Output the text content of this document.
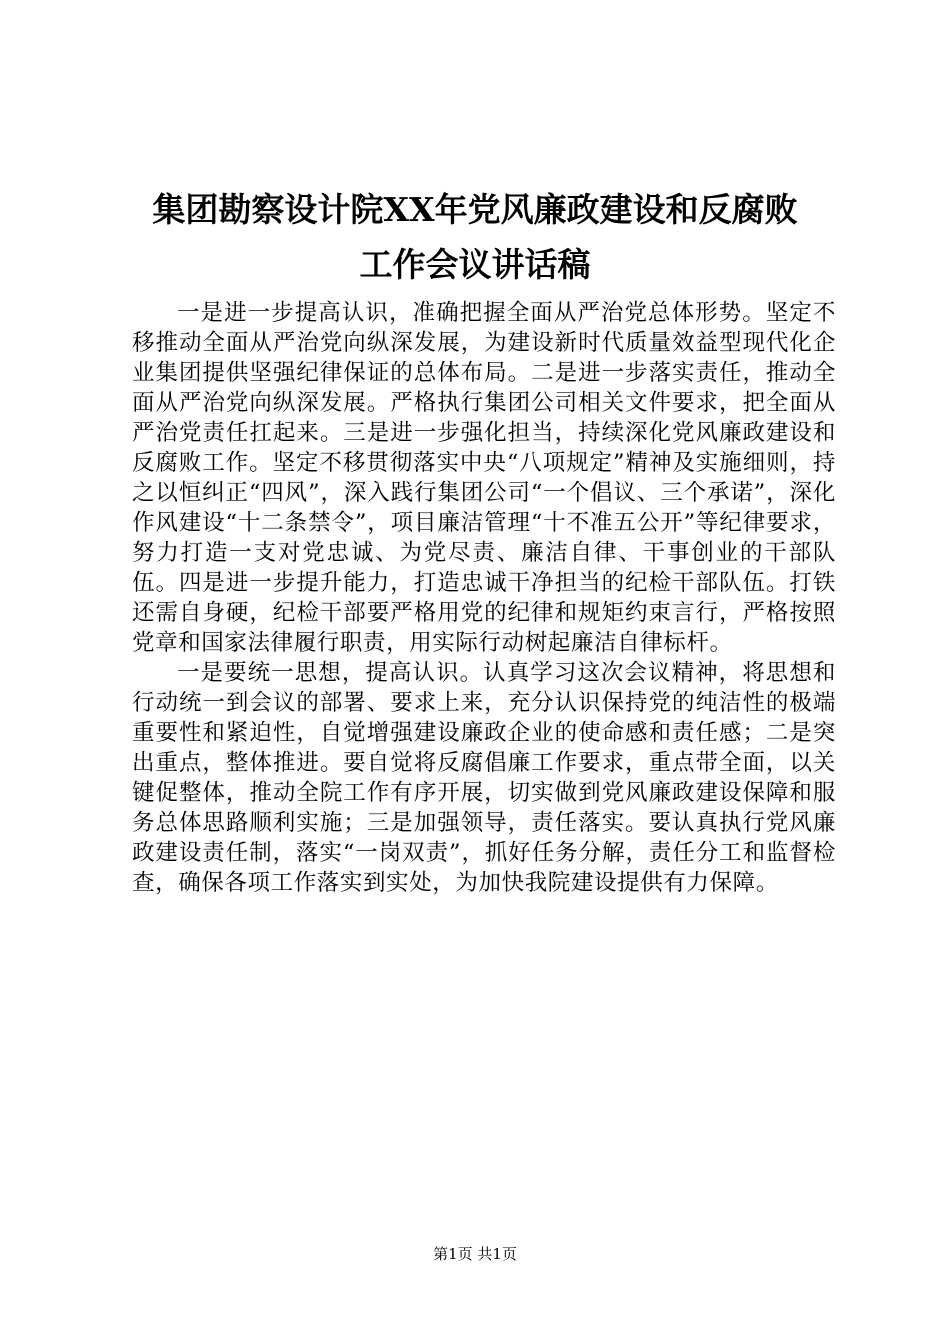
集团勘察设计院XX年党风廉政建设和反腐败
工作会议讲话稿

一是进一步提高认识，准确把握全面从严治党总体形势。坚定不移推动全面从严治党向纵深发展，为建设新时代质量效益型现代化企业集团提供坚强纪律保证的总体布局。二是进一步落实责任，推动全面从严治党向纵深发展。严格执行集团公司相关文件要求，把全面从严治党责任扛起来。三是进一步强化担当，持续深化党风廉政建设和反腐败工作。坚定不移贯彻落实中央“八项规定”精神及实施细则，持之以恒纠正“四风”，深入践行集团公司“一个倡议、三个承诺”，深化作风建设“十二条禁令”，项目廉洁管理“十不准五公开”等纪律要求，努力打造一支对党忠诚、为党尽责、廉洁自律、干事创业的干部队伍。四是进一步提升能力，打造忠诚干净担当的纪检干部队伍。打铁还需自身硬，纪检干部要严格用党的纪律和规矩约束言行，严格按照党章和国家法律履行职责，用实际行动树起廉洁自律标杆。

一是要统一思想，提高认识。认真学习这次会议精神，将思想和行动统一到会议的部署、要求上来，充分认识保持党的纯洁性的极端重要性和紧迫性，自觉增强建设廉政企业的使命感和责任感；二是突出重点，整体推进。要自觉将反腐倡廉工作要求，重点带全面，以关键促整体，推动全院工作有序开展，切实做到党风廉政建设保障和服务总体思路顺利实施；三是加强领导，责任落实。要认真执行党风廉政建设责任制，落实“一岗双责”，抓好任务分解，责任分工和监督检查，确保各项工作落实到实处，为加快我院建设提供有力保障。

第1页 共1页
